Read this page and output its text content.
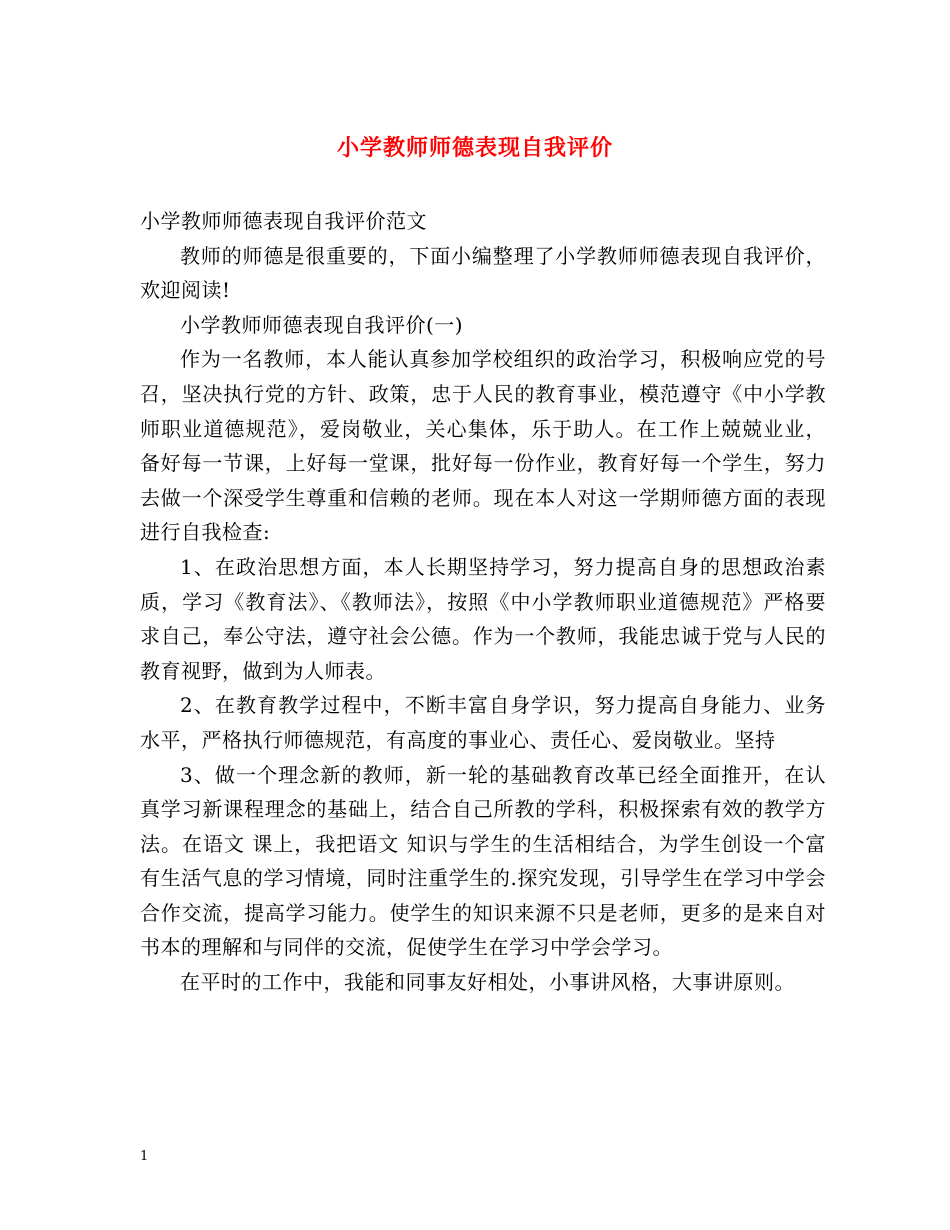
小学教师师德表现自我评价

小学教师师德表现自我评价范文

教师的师德是很重要的，下面小编整理了小学教师师德表现自我评价，欢迎阅读!

小学教师师德表现自我评价(一)

作为一名教师，本人能认真参加学校组织的政治学习，积极响应党的号召，坚决执行党的方针、政策，忠于人民的教育事业，模范遵守《中小学教师职业道德规范》，爱岗敬业，关心集体，乐于助人。在工作上兢兢业业，备好每一节课，上好每一堂课，批好每一份作业，教育好每一个学生，努力去做一个深受学生尊重和信赖的老师。现在本人对这一学期师德方面的表现进行自我检查:

1、在政治思想方面，本人长期坚持学习，努力提高自身的思想政治素质，学习《教育法》、《教师法》，按照《中小学教师职业道德规范》严格要求自己，奉公守法，遵守社会公德。作为一个教师，我能忠诚于党与人民的教育视野，做到为人师表。

2、在教育教学过程中，不断丰富自身学识，努力提高自身能力、业务水平，严格执行师德规范，有高度的事业心、责任心、爱岗敬业。坚持

3、做一个理念新的教师，新一轮的基础教育改革已经全面推开，在认真学习新课程理念的基础上，结合自己所教的学科，积极探索有效的教学方法。在语文 课上，我把语文 知识与学生的生活相结合，为学生创设一个富有生活气息的学习情境，同时注重学生的.探究发现，引导学生在学习中学会合作交流，提高学习能力。使学生的知识来源不只是老师，更多的是来自对书本的理解和与同伴的交流，促使学生在学习中学会学习。

在平时的工作中，我能和同事友好相处，小事讲风格，大事讲原则。

1
